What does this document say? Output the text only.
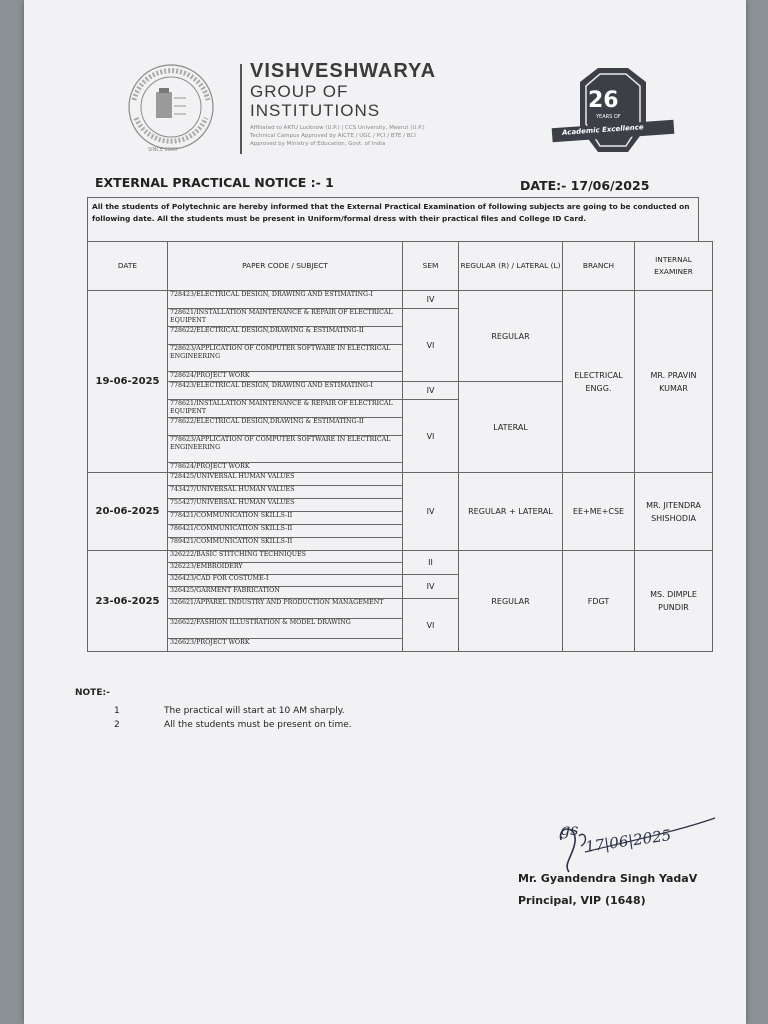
SINCE 2000
VISHVESHWARYA
GROUP OF
INSTITUTIONS
Affiliated to AKTU Lucknow (U.P.) | CCS University, Meerut (U.P.)
Technical Campus Approved by AICTE / UGC / PCI / BTE / BCI
Approved by Ministry of Education, Govt. of India
26
YEARS OF
Academic Excellence
EXTERNAL PRACTICAL NOTICE :- 1	DATE:- 17/06/2025
All the students of Polytechnic are hereby informed that the External Practical Examination of following subjects are going to be conducted on following date. All the students must be present in Uniform/formal dress with their practical files and College ID Card.
DATE	PAPER CODE / SUBJECT	SEM	REGULAR (R) / LATERAL (L)	BRANCH	INTERNAL EXAMINER
19-06-2025	728423/ELECTRICAL DESIGN, DRAWING AND ESTIMATING-I	IV	REGULAR	ELECTRICAL ENGG.	MR. PRAVIN KUMAR
	728621/INSTALLATION MAINTENANCE & REPAIR OF ELECTRICAL EQUIPENT	VI			
	728622/ELECTRICAL DESIGN,DRAWING & ESTIMATING-II				
	728623/APPLICATION OF COMPUTER SOFTWARE IN ELECTRICAL ENGINEERING				
	728624/PROJECT WORK				
	778423/ELECTRICAL DESIGN, DRAWING AND ESTIMATING-I	IV	LATERAL		
	778621/INSTALLATION MAINTENANCE & REPAIR OF ELECTRICAL EQUIPENT	VI			
	778622/ELECTRICAL DESIGN,DRAWING & ESTIMATING-II				
	778623/APPLICATION OF COMPUTER SOFTWARE IN ELECTRICAL ENGINEERING				
	778624/PROJECT WORK				
20-06-2025	728425/UNIVERSAL HUMAN VALUES	IV	REGULAR + LATERAL	EE+ME+CSE	MR. JITENDRA SHISHODIA
	743427/UNIVERSAL HUMAN VALUES				
	755427/UNIVERSAL HUMAN VALUES				
	778421/COMMUNICATION SKILLS-II				
	786421/COMMUNICATION SKILLS-II				
	789421/COMMUNICATION SKILLS-II				
23-06-2025	326222/BASIC STITCHING TECHNIQUES	II	REGULAR	FDGT	MS. DIMPLE PUNDIR
	326223/EMBROIDERY				
	326423/CAD FOR COSTUME-I	IV			
	326425/GARMENT FABRICATION				
	326621/APPAREL INDUSTRY AND PRODUCTION MANAGEMENT	VI			
	326622/FASHION ILLUSTRATION & MODEL DRAWING				
	326623/PROJECT WORK				
NOTE:-
1	The practical will start at 10 AM sharply.
2	All the students must be present on time.
gs 17|06|2025
Mr. Gyandendra Singh YadaV
Principal, VIP (1648)
